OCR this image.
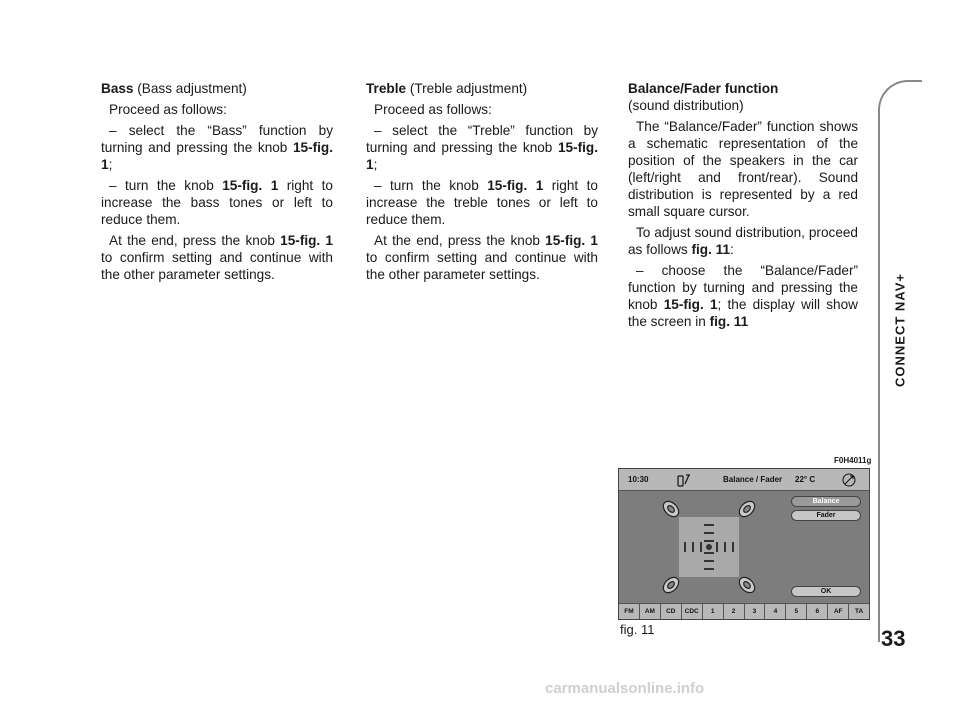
Bass (Bass adjustment)

Proceed as follows:

– select the “Bass” function by turning and pressing the knob 15-fig. 1;

– turn the knob 15-fig. 1 right to increase the bass tones or left to reduce them.

At the end, press the knob 15-fig. 1 to confirm setting and continue with the other parameter settings.

Treble (Treble adjustment)

Proceed as follows:

– select the “Treble” function by turning and pressing the knob 15-fig. 1;

– turn the knob 15-fig. 1 right to increase the treble tones or left to reduce them.

At the end, press the knob 15-fig. 1 to confirm setting and continue with the other parameter settings.

Balance/Fader function

(sound distribution)

The “Balance/Fader” function shows a schematic representation of the position of the speakers in the car (left/right and front/rear). Sound distribution is represented by a red small square cursor.

To adjust sound distribution, proceed as follows fig. 11:

– choose the “Balance/Fader” function by turning and pressing the knob 15-fig. 1; the display will show the screen in fig. 11	CONNECT NAV+
33
F0H4011g
10:30	Balance / Fader 22° C
Balance
Fader
OK
FM	AM	CD	CDC	1	2	3	4	5	6	AF	TA
fig. 11
carmanualsonline.info
